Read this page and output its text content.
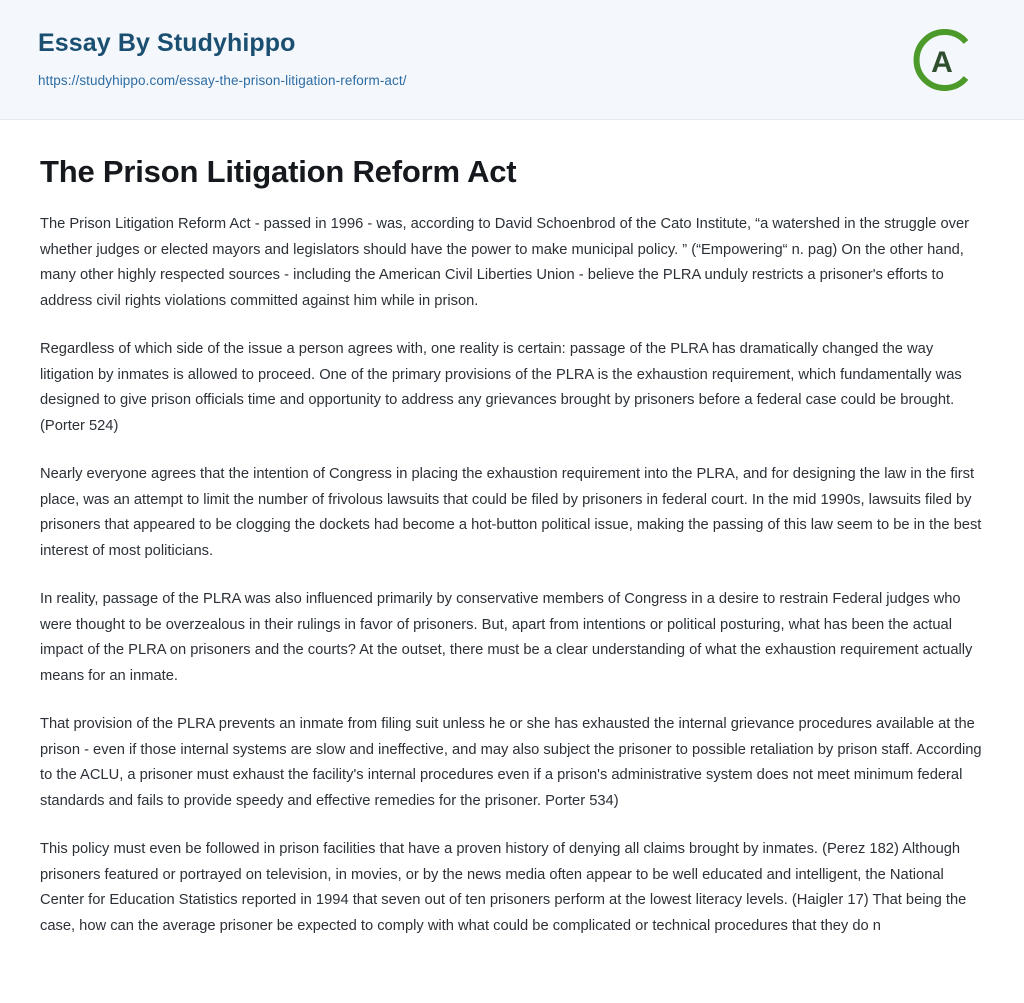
Essay By Studyhippo
https://studyhippo.com/essay-the-prison-litigation-reform-act/
A
The Prison Litigation Reform Act

The Prison Litigation Reform Act - passed in 1996 - was, according to David Schoenbrod of the Cato Institute, “a watershed in the struggle over whether judges or elected mayors and legislators should have the power to make municipal policy. ” (“Empowering“ n. pag) On the other hand, many other highly respected sources - including the American Civil Liberties Union - believe the PLRA unduly restricts a prisoner's efforts to address civil rights violations committed against him while in prison.

Regardless of which side of the issue a person agrees with, one reality is certain: passage of the PLRA has dramatically changed the way litigation by inmates is allowed to proceed. One of the primary provisions of the PLRA is the exhaustion requirement, which fundamentally was designed to give prison officials time and opportunity to address any grievances brought by prisoners before a federal case could be brought. (Porter 524)

Nearly everyone agrees that the intention of Congress in placing the exhaustion requirement into the PLRA, and for designing the law in the first place, was an attempt to limit the number of frivolous lawsuits that could be filed by prisoners in federal court. In the mid 1990s, lawsuits filed by prisoners that appeared to be clogging the dockets had become a hot-button political issue, making the passing of this law seem to be in the best interest of most politicians.

In reality, passage of the PLRA was also influenced primarily by conservative members of Congress in a desire to restrain Federal judges who were thought to be overzealous in their rulings in favor of prisoners. But, apart from intentions or political posturing, what has been the actual impact of the PLRA on prisoners and the courts? At the outset, there must be a clear understanding of what the exhaustion requirement actually means for an inmate.

That provision of the PLRA prevents an inmate from filing suit unless he or she has exhausted the internal grievance procedures available at the prison - even if those internal systems are slow and ineffective, and may also subject the prisoner to possible retaliation by prison staff. According to the ACLU, a prisoner must exhaust the facility's internal procedures even if a prison's administrative system does not meet minimum federal standards and fails to provide speedy and effective remedies for the prisoner. Porter 534)

This policy must even be followed in prison facilities that have a proven history of denying all claims brought by inmates. (Perez 182) Although prisoners featured or portrayed on television, in movies, or by the news media often appear to be well educated and intelligent, the National Center for Education Statistics reported in 1994 that seven out of ten prisoners perform at the lowest literacy levels. (Haigler 17) That being the case, how can the average prisoner be expected to comply with what could be complicated or technical procedures that they do n
